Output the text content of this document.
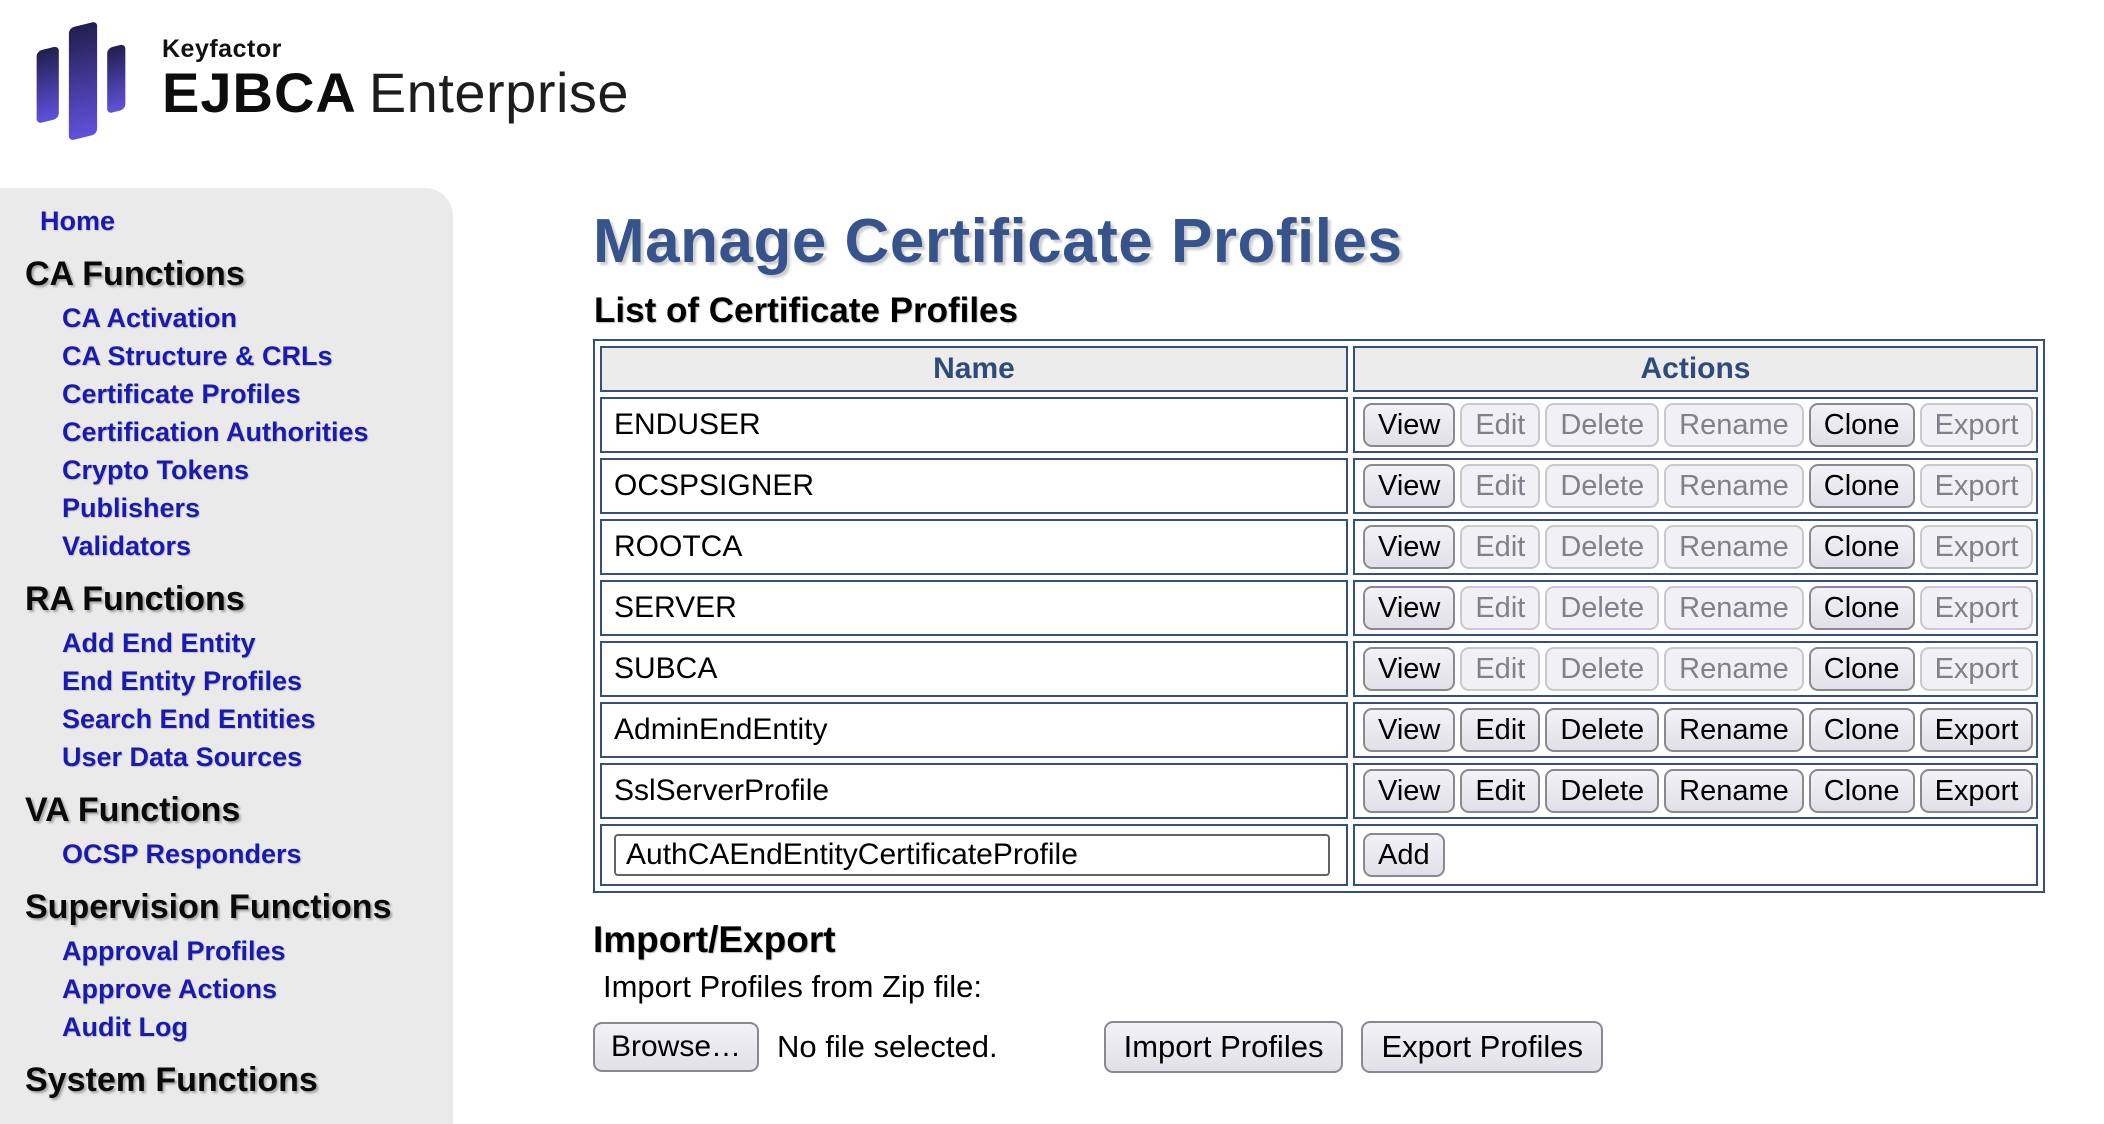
Keyfactor
EJBCA Enterprise
Home
CA Functions
CA Activation
CA Structure & CRLs
Certificate Profiles
Certification Authorities
Crypto Tokens
Publishers
Validators
RA Functions
Add End Entity
End Entity Profiles
Search End Entities
User Data Sources
VA Functions
OCSP Responders
Supervision Functions
Approval Profiles
Approve Actions
Audit Log
System Functions
Manage Certificate Profiles
List of Certificate Profiles
Name	Actions
ENDUSER	View Edit Delete Rename Clone Export
OCSPSIGNER	View Edit Delete Rename Clone Export
ROOTCA	View Edit Delete Rename Clone Export
SERVER	View Edit Delete Rename Clone Export
SUBCA	View Edit Delete Rename Clone Export
AdminEndEntity	View Edit Delete Rename Clone Export
SslServerProfile	View Edit Delete Rename Clone Export
AuthCAEndEntityCertificateProfile	Add
Import/Export
Import Profiles from Zip file:
Browse…	No file selected.	Import Profiles	Export Profiles
